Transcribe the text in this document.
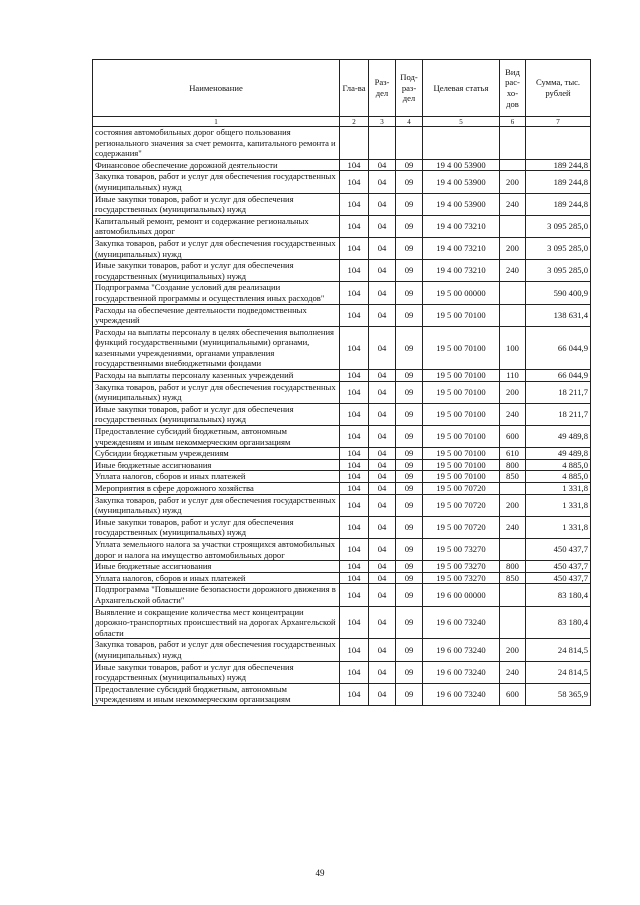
Наименование	Гла-ва	Раз-дел	Под-раз-дел	Целевая статья	Вид рас-хо-дов	Сумма, тыс. рублей
1	2	3	4	5	6	7
состояния автомобильных дорог общего пользования регионального значения за счет ремонта, капитального ремонта и содержания"						
Финансовое обеспечение дорожной деятельности	104	04	09	19 4 00 53900		189 244,8
Закупка товаров, работ и услуг для обеспечения государственных (муниципальных) нужд	104	04	09	19 4 00 53900	200	189 244,8
Иные закупки товаров, работ и услуг для обеспечения государственных (муниципальных) нужд	104	04	09	19 4 00 53900	240	189 244,8
Капитальный ремонт, ремонт и содержание региональных автомобильных дорог	104	04	09	19 4 00 73210		3 095 285,0
Закупка товаров, работ и услуг для обеспечения государственных (муниципальных) нужд	104	04	09	19 4 00 73210	200	3 095 285,0
Иные закупки товаров, работ и услуг для обеспечения государственных (муниципальных) нужд	104	04	09	19 4 00 73210	240	3 095 285,0
Подпрограмма "Создание условий для реализации государственной программы и осуществления иных расходов"	104	04	09	19 5 00 00000		590 400,9
Расходы на обеспечение деятельности подведомственных учреждений	104	04	09	19 5 00 70100		138 631,4
Расходы на выплаты персоналу в целях обеспечения выполнения функций государственными (муниципальными) органами, казенными учреждениями, органами управления государственными внебюджетными фондами	104	04	09	19 5 00 70100	100	66 044,9
Расходы на выплаты персоналу казенных учреждений	104	04	09	19 5 00 70100	110	66 044,9
Закупка товаров, работ и услуг для обеспечения государственных (муниципальных) нужд	104	04	09	19 5 00 70100	200	18 211,7
Иные закупки товаров, работ и услуг для обеспечения государственных (муниципальных) нужд	104	04	09	19 5 00 70100	240	18 211,7
Предоставление субсидий бюджетным, автономным учреждениям и иным некоммерческим организациям	104	04	09	19 5 00 70100	600	49 489,8
Субсидии бюджетным учреждениям	104	04	09	19 5 00 70100	610	49 489,8
Иные бюджетные ассигнования	104	04	09	19 5 00 70100	800	4 885,0
Уплата налогов, сборов и иных платежей	104	04	09	19 5 00 70100	850	4 885,0
Мероприятия в сфере дорожного хозяйства	104	04	09	19 5 00 70720		1 331,8
Закупка товаров, работ и услуг для обеспечения государственных (муниципальных) нужд	104	04	09	19 5 00 70720	200	1 331,8
Иные закупки товаров, работ и услуг для обеспечения государственных (муниципальных) нужд	104	04	09	19 5 00 70720	240	1 331,8
Уплата земельного налога за участки строящихся автомобильных дорог и налога на имущество автомобильных дорог	104	04	09	19 5 00 73270		450 437,7
Иные бюджетные ассигнования	104	04	09	19 5 00 73270	800	450 437,7
Уплата налогов, сборов и иных платежей	104	04	09	19 5 00 73270	850	450 437,7
Подпрограмма "Повышение безопасности дорожного движения в Архангельской области"	104	04	09	19 6 00 00000		83 180,4
Выявление и сокращение количества мест концентрации дорожно-транспортных происшествий на дорогах Архангельской области	104	04	09	19 6 00 73240		83 180,4
Закупка товаров, работ и услуг для обеспечения государственных (муниципальных) нужд	104	04	09	19 6 00 73240	200	24 814,5
Иные закупки товаров, работ и услуг для обеспечения государственных (муниципальных) нужд	104	04	09	19 6 00 73240	240	24 814,5
Предоставление субсидий бюджетным, автономным учреждениям и иным некоммерческим организациям	104	04	09	19 6 00 73240	600	58 365,9
49
